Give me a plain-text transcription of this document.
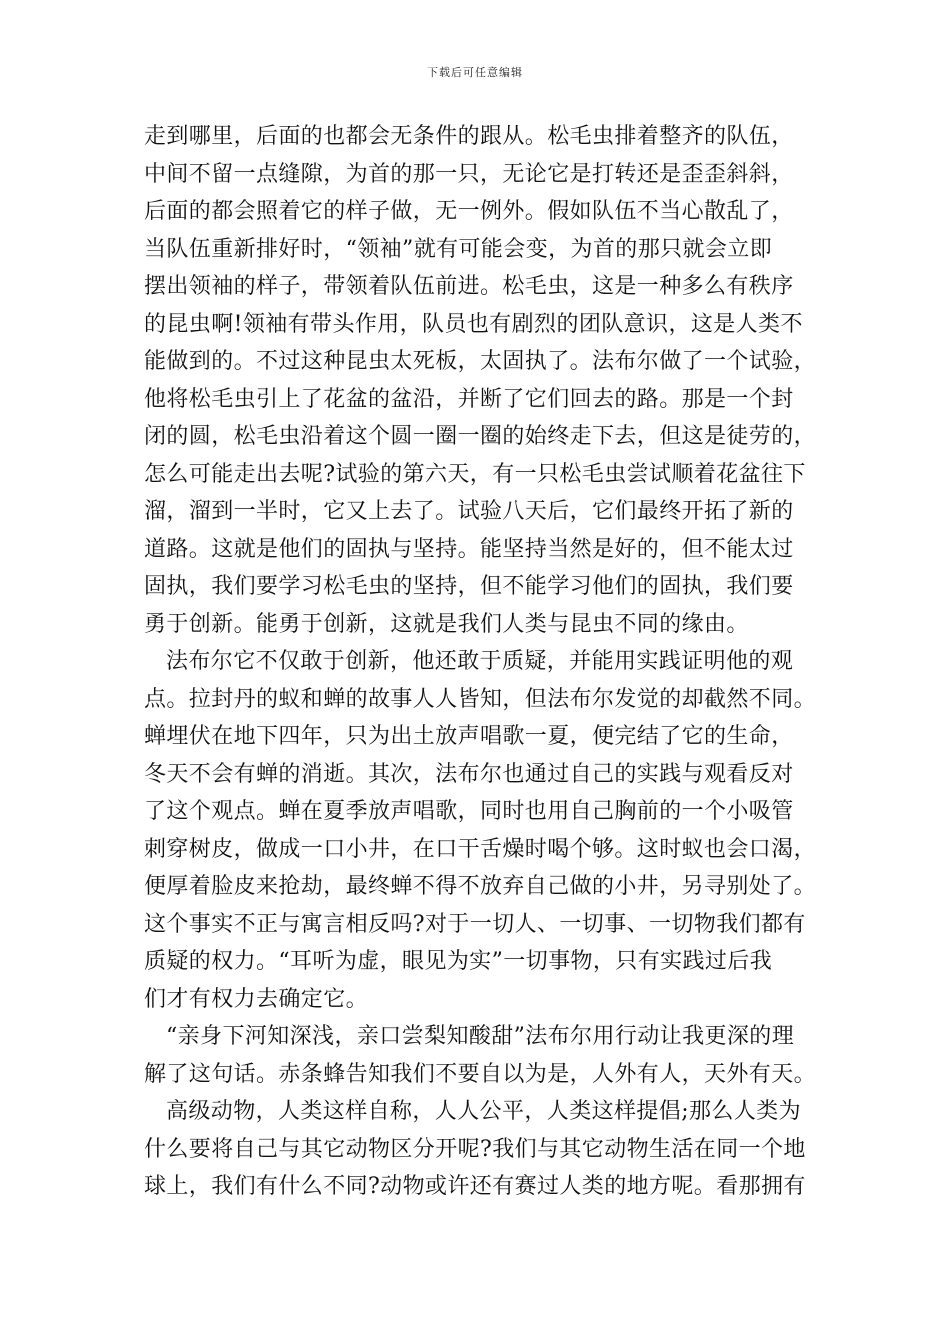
下载后可任意编辑
走到哪里，后面的也都会无条件的跟从。松毛虫排着整齐的队伍，
中间不留一点缝隙，为首的那一只，无论它是打转还是歪歪斜斜，
后面的都会照着它的样子做，无一例外。假如队伍不当心散乱了，
当队伍重新排好时，“领袖”就有可能会变，为首的那只就会立即
摆出领袖的样子，带领着队伍前进。松毛虫，这是一种多么有秩序
的昆虫啊!领袖有带头作用，队员也有剧烈的团队意识，这是人类不
能做到的。不过这种昆虫太死板，太固执了。法布尔做了一个试验，
他将松毛虫引上了花盆的盆沿，并断了它们回去的路。那是一个封
闭的圆，松毛虫沿着这个圆一圈一圈的始终走下去，但这是徒劳的，
怎么可能走出去呢?试验的第六天，有一只松毛虫尝试顺着花盆往下
溜，溜到一半时，它又上去了。试验八天后，它们最终开拓了新的
道路。这就是他们的固执与坚持。能坚持当然是好的，但不能太过
固执，我们要学习松毛虫的坚持，但不能学习他们的固执，我们要
勇于创新。能勇于创新，这就是我们人类与昆虫不同的缘由。
法布尔它不仅敢于创新，他还敢于质疑，并能用实践证明他的观
点。拉封丹的蚁和蝉的故事人人皆知，但法布尔发觉的却截然不同。
蝉埋伏在地下四年，只为出土放声唱歌一夏，便完结了它的生命，
冬天不会有蝉的消逝。其次，法布尔也通过自己的实践与观看反对
了这个观点。蝉在夏季放声唱歌，同时也用自己胸前的一个小吸管
刺穿树皮，做成一口小井，在口干舌燥时喝个够。这时蚁也会口渴，
便厚着脸皮来抢劫，最终蝉不得不放弃自己做的小井，另寻别处了。
这个事实不正与寓言相反吗?对于一切人、一切事、一切物我们都有
质疑的权力。“耳听为虚，眼见为实”一切事物，只有实践过后我
们才有权力去确定它。
“亲身下河知深浅，亲口尝梨知酸甜”法布尔用行动让我更深的理
解了这句话。赤条蜂告知我们不要自以为是，人外有人，天外有天。
高级动物，人类这样自称，人人公平，人类这样提倡;那么人类为
什么要将自己与其它动物区分开呢?我们与其它动物生活在同一个地
球上，我们有什么不同?动物或许还有赛过人类的地方呢。看那拥有
